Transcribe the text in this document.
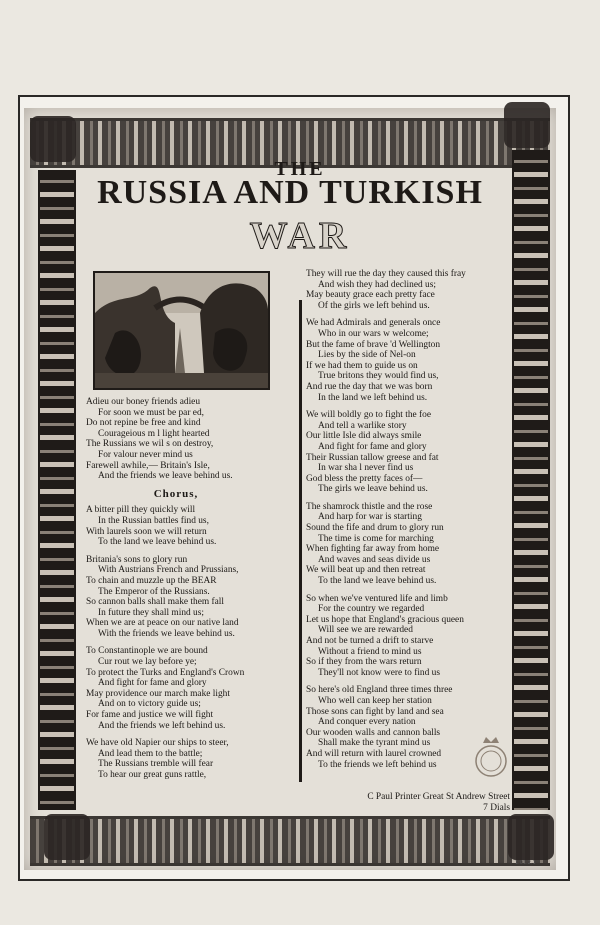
THE
RUSSIA AND TURKISH
WAR
Adieu our boney friends adieu
For soon we must be par ed,
Do not repine be free and kind
Courageious m l light hearted
The Russians we wil s on destroy,
For valour never mind us
Farewell awhile,— Britain's Isle,
And the friends we leave behind us.
Chorus,
A bitter pill they quickly will
In the Russian battles find us,
With laurels soon we will return
To the land we leave behind us.
Britania's sons to glory run
With Austrians French and Prussians,
To chain and muzzle up the BEAR
The Emperor of the Russians.
So cannon balls shall make them fall
In future they shall mind us;
When we are at peace on our native land
With the friends we leave behind us.
To Constantinople we are bound
Cur rout we lay before ye;
To protect the Turks and England's Crown
And fight for fame and glory
May providence our march make light
And on to victory guide us;
For fame and justice we will fight
And the friends we left behind us.
We have old Napier our ships to steer,
And lead them to the battle;
The Russians tremble will fear
To hear our great guns rattle,
They will rue the day they caused this fray
And wish they had declined us;
May beauty grace each pretty face
Of the girls we left behind us.
We had Admirals and generals once
Who in our wars w welcome;
But the fame of brave 'd Wellington
Lies by the side of Nel-on
If we had them to guide us on
True britons they would find us,
And rue the day that we was born
In the land we left behind us.
We will boldly go to fight the foe
And tell a warlike story
Our little Isle did always smile
And fight for fame and glory
Their Russian tallow greese and fat
In war sha l never find us
God bless the pretty faces of—
The girls we leave behind us.
The shamrock thistle and the rose
And harp for war is starting
Sound the fife and drum to glory run
The time is come for marching
When fighting far away from home
And waves and seas divide us
We will beat up and then retreat
To the land we leave behind us.
So when we've ventured life and limb
For the country we regarded
Let us hope that England's gracious queen
Will see we are rewarded
And not be turned a drift to starve
Without a friend to mind us
So if they from the wars return
They'll not know were to find us
So here's old England three times three
Who well can keep her station
Those sons can fight by land and sea
And conquer every nation
Our wooden walls and cannon balls
Shall make the tyrant mind us
And will return with laurel crowned
To the friends we left behind us
C Paul Printer Great St Andrew Street
7 Dials
1.01.2.1
